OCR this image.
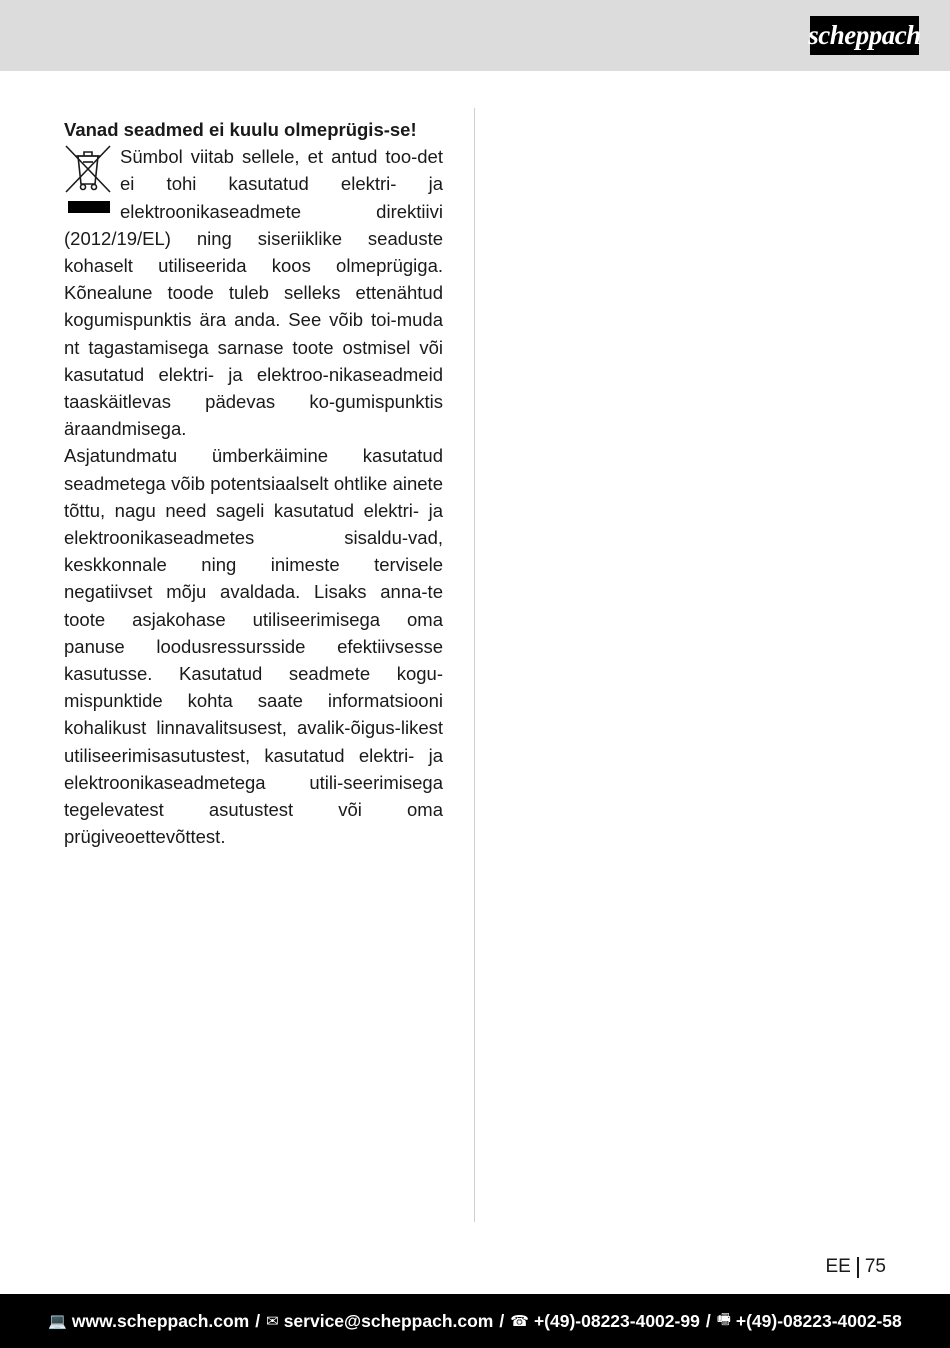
scheppach

Vanad seadmed ei kuulu olmeprügis-se!

Sümbol viitab sellele, et antud too-det ei tohi kasutatud elektri- ja elektroonikaseadmete direktiivi (2012/19/EL) ning siseriiklike seaduste kohaselt utiliseerida koos olmeprügiga. Kõnealune toode tuleb selleks ettenähtud kogumispunktis ära anda. See võib toi-muda nt tagastamisega sarnase toote ostmisel või kasutatud elektri- ja elektroo-nikaseadmeid taaskäitlevas pädevas ko-gumispunktis äraandmisega.

Asjatundmatu ümberkäimine kasutatud seadmetega võib potentsiaalselt ohtlike ainete tõttu, nagu need sageli kasutatud elektri- ja elektroonikaseadmetes sisaldu-vad, keskkonnale ning inimeste tervisele negatiivset mõju avaldada. Lisaks anna-te toote asjakohase utiliseerimisega oma panuse loodusressursside efektiivsesse kasutusse. Kasutatud seadmete kogu-mispunktide kohta saate informatsiooni kohalikust linnavalitsusest, avalik-õigus-likest utiliseerimisasutustest, kasutatud elektri- ja elektroonikaseadmetega utili-seerimisega tegelevatest asutustest või oma prügiveoettevõttest.

EE 75
💻 www.scheppach.com / ✉ service@scheppach.com / ☎ +(49)-08223-4002-99 / 🖷 +(49)-08223-4002-58
